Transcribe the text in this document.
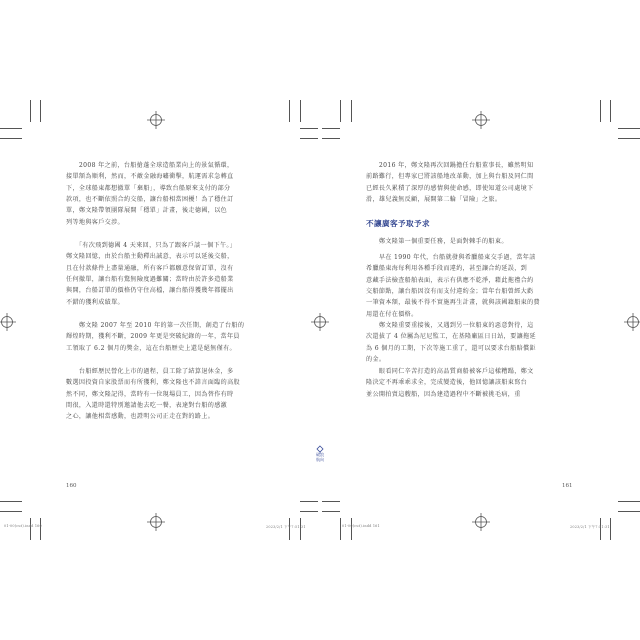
　　2008 年之前，台船搶蓬全球造船業向上的景氣循環，
接單額為順利，然而，不敵金融海嘯衝擊，航運需求急轉直
下，全球船東都想撤單「棄船」，導致台船原來支付的部分
款項，也不斷依照合約交船，讓台船相當困擾！為了穩住訂
單，鄭文隆帶領團隊展開「穩單」計畫，後走德國，以色
列等地與客戶交涉。

　　「有次飛到德國 4 天來回，只為了跟客戶談一個下午。」
鄭文隆回憶，由於台船主動釋出誠意，表示可以延後交船，
且在付款條件上盡量通融，所有客戶都願意保留訂單，沒有
任何撤單，讓台船有驚無險度過難關；當時由於許多造船業
與開，台船訂單的價格仍守住高檔，讓台船得獲幾年都擺出
不錯的獲利成績單。

　　鄭文隆 2007 年至 2010 年的第一次任期，創造了台船的
輝煌時期，獲利不斷，2009 年更是突破紀錄的一年，當年員
工領取了 6.2 個月的獎金，這在台船歷史上還是絕無僅有。

　　台船經歷民營化上市的過程，員工除了結算退休金，多
數選因投資自家股票而有所獲利，鄭文隆也不諱言面臨的高股
然不同，鄭文隆記得，當時有一位現場員工，因為替作有時
間很，入還時還特別邀請他去吃一餐，表達對台船的感激
之心，讓他相當感動，也證明公司正走在對的路上。

160
01-00(cut).indd 160	2023/2/1 下午7:51:31

　　2016 年，鄭文隆再次回鍋擔任台船董事長，雖然明知
前路難行，但專家已將該船地改革動，加上與台船及同仁間
已經長久累積了深厚的感情與使命感，即使知道公司處境下
滑，雄兒義無反顧，展開第二輪「冒險」之旅。

不讓廣客予取予求

　　鄭文隆第一個重要任務，是面對棘手的船東。

　　早在 1990 年代，台船就發與希臘船東交手過，當年該
希臘船東海每利用各種手段而違約，甚至讓合約延誤，到
意藏手法檢查船舶表面，表示有供應不乾淨，藉此拖禮合約
交船節點，讓台船因沒有而支付違約金；當年台船曾經大虧
一筆資本額，最後不得不實施再生計畫，就與該國籍船東的費
用還在付在價格。

　　鄭文隆重要重接後，又遇到另一位船東的惡意對待，這
次還拔了 4 位屬為尼尼監工，在基隆廠區日日站，要讓拖延
為 6 個月的工期，下次等施工重了，還可以要求台船賠償鉅
的金。

　　眼看同仁辛苦打造的高品質商船被客戶這樣糟蹋，鄭文
隆決定不再乖乖求全，完成變造後，他回憶讓該船東寫台
並公開拍賣這艘船，因為建造過程中不斷被挑毛病，重

161
01-00(cut).indd 161	2023/2/1 下午7:51:31
破浪
航向
